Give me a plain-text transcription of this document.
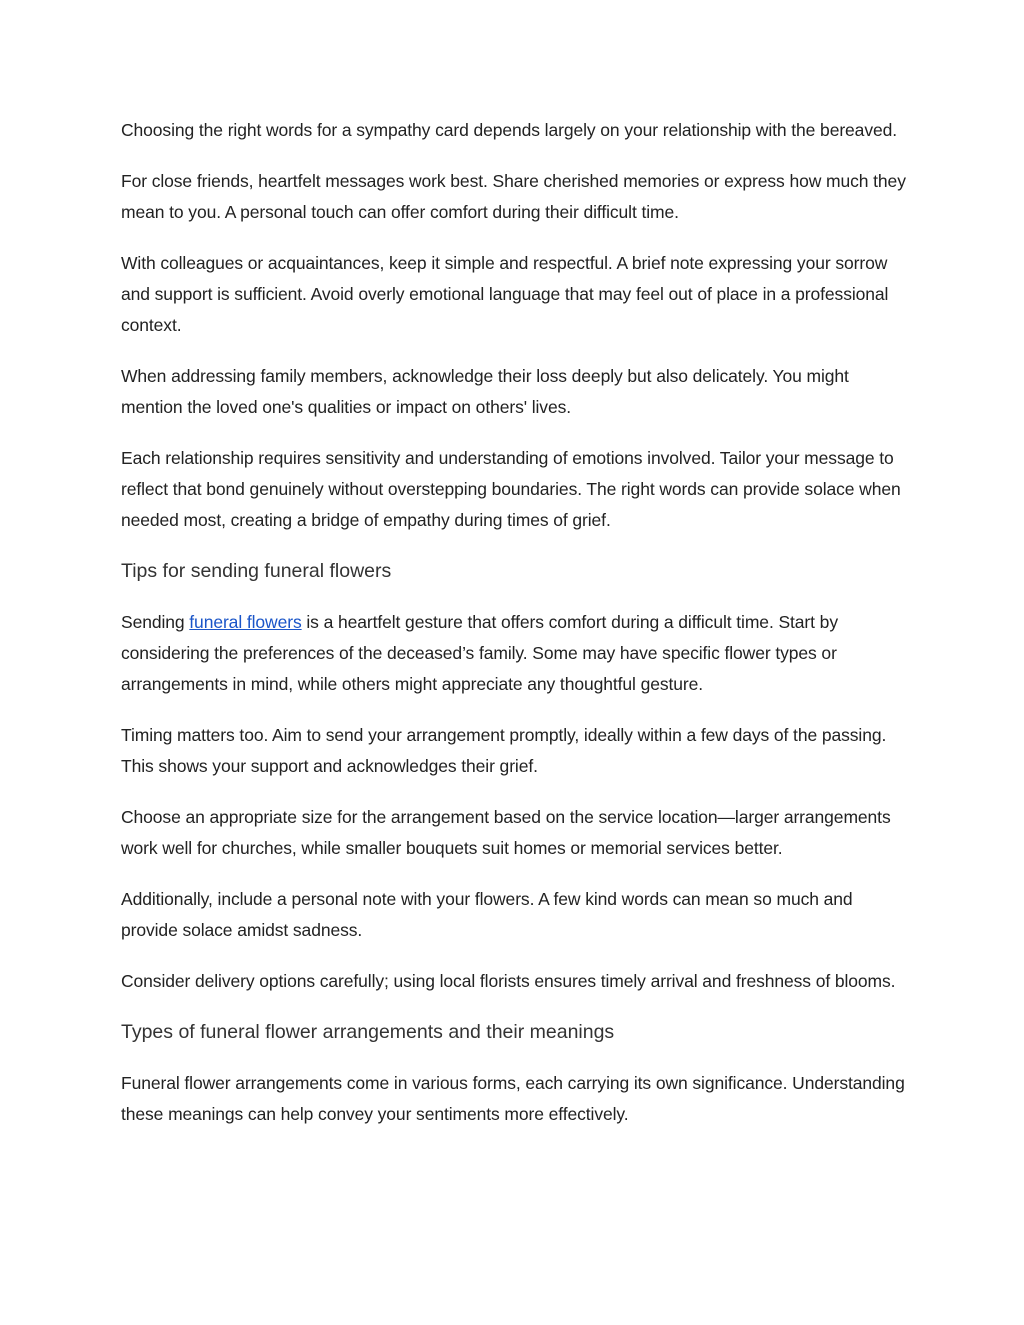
Choosing the right words for a sympathy card depends largely on your relationship with the bereaved.

For close friends, heartfelt messages work best. Share cherished memories or express how much they mean to you. A personal touch can offer comfort during their difficult time.

With colleagues or acquaintances, keep it simple and respectful. A brief note expressing your sorrow and support is sufficient. Avoid overly emotional language that may feel out of place in a professional context.

When addressing family members, acknowledge their loss deeply but also delicately. You might mention the loved one's qualities or impact on others' lives.

Each relationship requires sensitivity and understanding of emotions involved. Tailor your message to reflect that bond genuinely without overstepping boundaries. The right words can provide solace when needed most, creating a bridge of empathy during times of grief.

Tips for sending funeral flowers

Sending funeral flowers is a heartfelt gesture that offers comfort during a difficult time. Start by considering the preferences of the deceased’s family. Some may have specific flower types or arrangements in mind, while others might appreciate any thoughtful gesture.

Timing matters too. Aim to send your arrangement promptly, ideally within a few days of the passing. This shows your support and acknowledges their grief.

Choose an appropriate size for the arrangement based on the service location—larger arrangements work well for churches, while smaller bouquets suit homes or memorial services better.

Additionally, include a personal note with your flowers. A few kind words can mean so much and provide solace amidst sadness.

Consider delivery options carefully; using local florists ensures timely arrival and freshness of blooms.

Types of funeral flower arrangements and their meanings

Funeral flower arrangements come in various forms, each carrying its own significance. Understanding these meanings can help convey your sentiments more effectively.
